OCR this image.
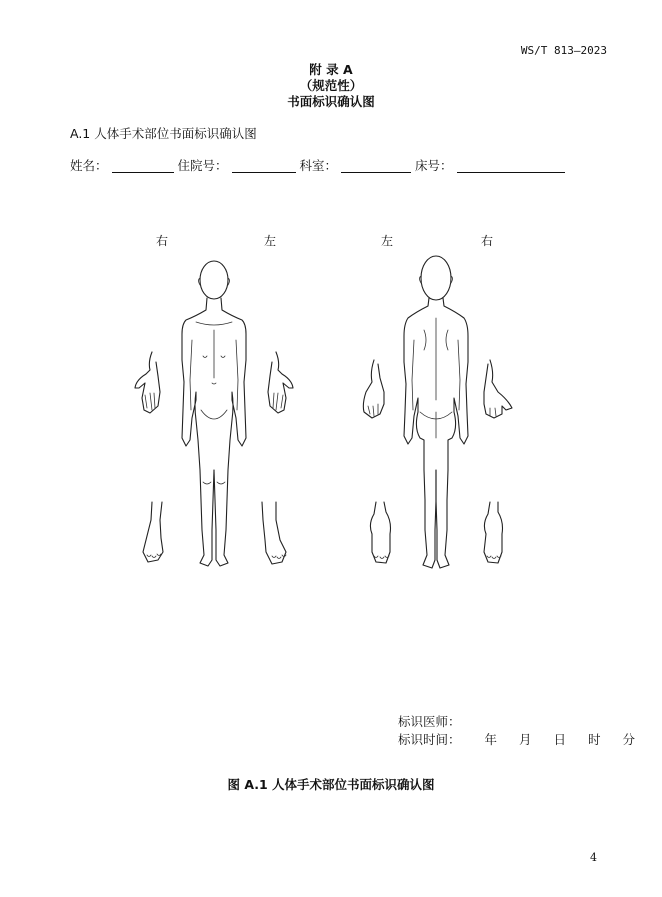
WS/T 813—2023
附 录 A
（规范性）
书面标识确认图
A.1 人体手术部位书面标识确认图
姓名：	住院号：	科室：	床号：
右	左	左	右
标识医师：
标识时间： 年 月 日 时 分
图 A.1 人体手术部位书面标识确认图
4
